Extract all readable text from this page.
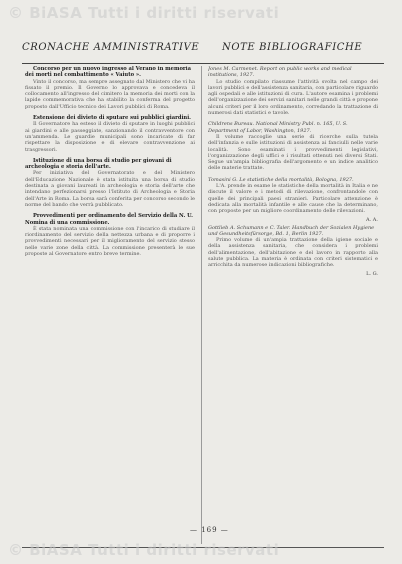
© BiASA Tutti i diritti riservati
CRONACHE AMMINISTRATIVE NOTE BIBLIOGRAFICHE

Concorso per un nuovo ingresso al Verano in memoria dei morti nel combattimento « Vaiuto ».

Vinto il concorso, ma sempre assegnato dal Ministero che vi ha fissato il premio. Il Governo lo approvava e concedeva il collocamento all'ingresso del cimitero la memoria dei morti con la lapide commemorativa che ha stabilito la conferma del progetto proposto dall'Ufficio tecnico dei Lavori pubblici di Roma.

Estensione dei divieto di sputare sui pubblici giardini.

Il Governatore ha esteso il divieto di sputare in luoghi pubblici ai giardini e alle passeggiate, sanzionando il contravventore con un'ammenda. Le guardie municipali sono incaricate di far rispettare la disposizione e di elevare contravvenzione ai trasgressori.

Istituzione di una borsa di studio per giovani di archeologia e storia dell'arte.

Per iniziativa del Governatorato e del Ministero dell'Educazione Nazionale è stata istituita una borsa di studio destinata a giovani laureati in archeologia e storia dell'arte che intendano perfezionarsi presso l'Istituto di Archeologia e Storia dell'Arte in Roma. La borsa sarà conferita per concorso secondo le norme del bando che verrà pubblicato.

Provvedimenti per ordinamento del Servizio della N. U. Nomina di una commissione.

È stata nominata una commissione con l'incarico di studiare il riordinamento del servizio della nettezza urbana e di proporre i provvedimenti necessari per il miglioramento del servizio stesso nelle varie zone della città. La commissione presenterà le sue proposte al Governatore entro breve termine.

Jones M. Carmenet. Report on public works and medical institutions, 1927.

Lo studio compilato riassume l'attività svolta nel campo dei lavori pubblici e dell'assistenza sanitaria, con particolare riguardo agli ospedali e alle istituzioni di cura. L'autore esamina i problemi dell'organizzazione dei servizi sanitari nelle grandi città e propone alcuni criteri per il loro ordinamento, corredando la trattazione di numerosi dati statistici e tavole.

Childrens Bureau. National Ministry Publ. n. 165, U. S. Department of Labor, Washington, 1927.

Il volume raccoglie una serie di ricerche sulla tutela dell'infanzia e sulle istituzioni di assistenza ai fanciulli nelle varie località. Sono esaminati i provvedimenti legislativi, l'organizzazione degli uffici e i risultati ottenuti nei diversi Stati. Segue un'ampia bibliografia dell'argomento e un indice analitico delle materie trattate.

Tomasini G. Le statistiche della mortalità, Bologna, 1927.

L'A. prende in esame le statistiche della mortalità in Italia e ne discute il valore e i metodi di rilevazione, confrontandole con quelle dei principali paesi stranieri. Particolare attenzione è dedicata alla mortalità infantile e alle cause che la determinano, con proposte per un migliore coordinamento delle rilevazioni.

A. A.

Gottlieb A. Schumann e C. Taler. Handbuch der Sozialen Hygiene und Gesundheitsfürsorge, Bd. 1, Berlin 1927.

Primo volume di un'ampia trattazione della igiene sociale e della assistenza sanitaria, che considera i problemi dell'alimentazione, dell'abitazione e del lavoro in rapporto alla salute pubblica. La materia è ordinata con criteri sistematici e arricchita da numerose indicazioni bibliografiche.

L. G.

— 169 —
© BiASA Tutti i diritti riservati
